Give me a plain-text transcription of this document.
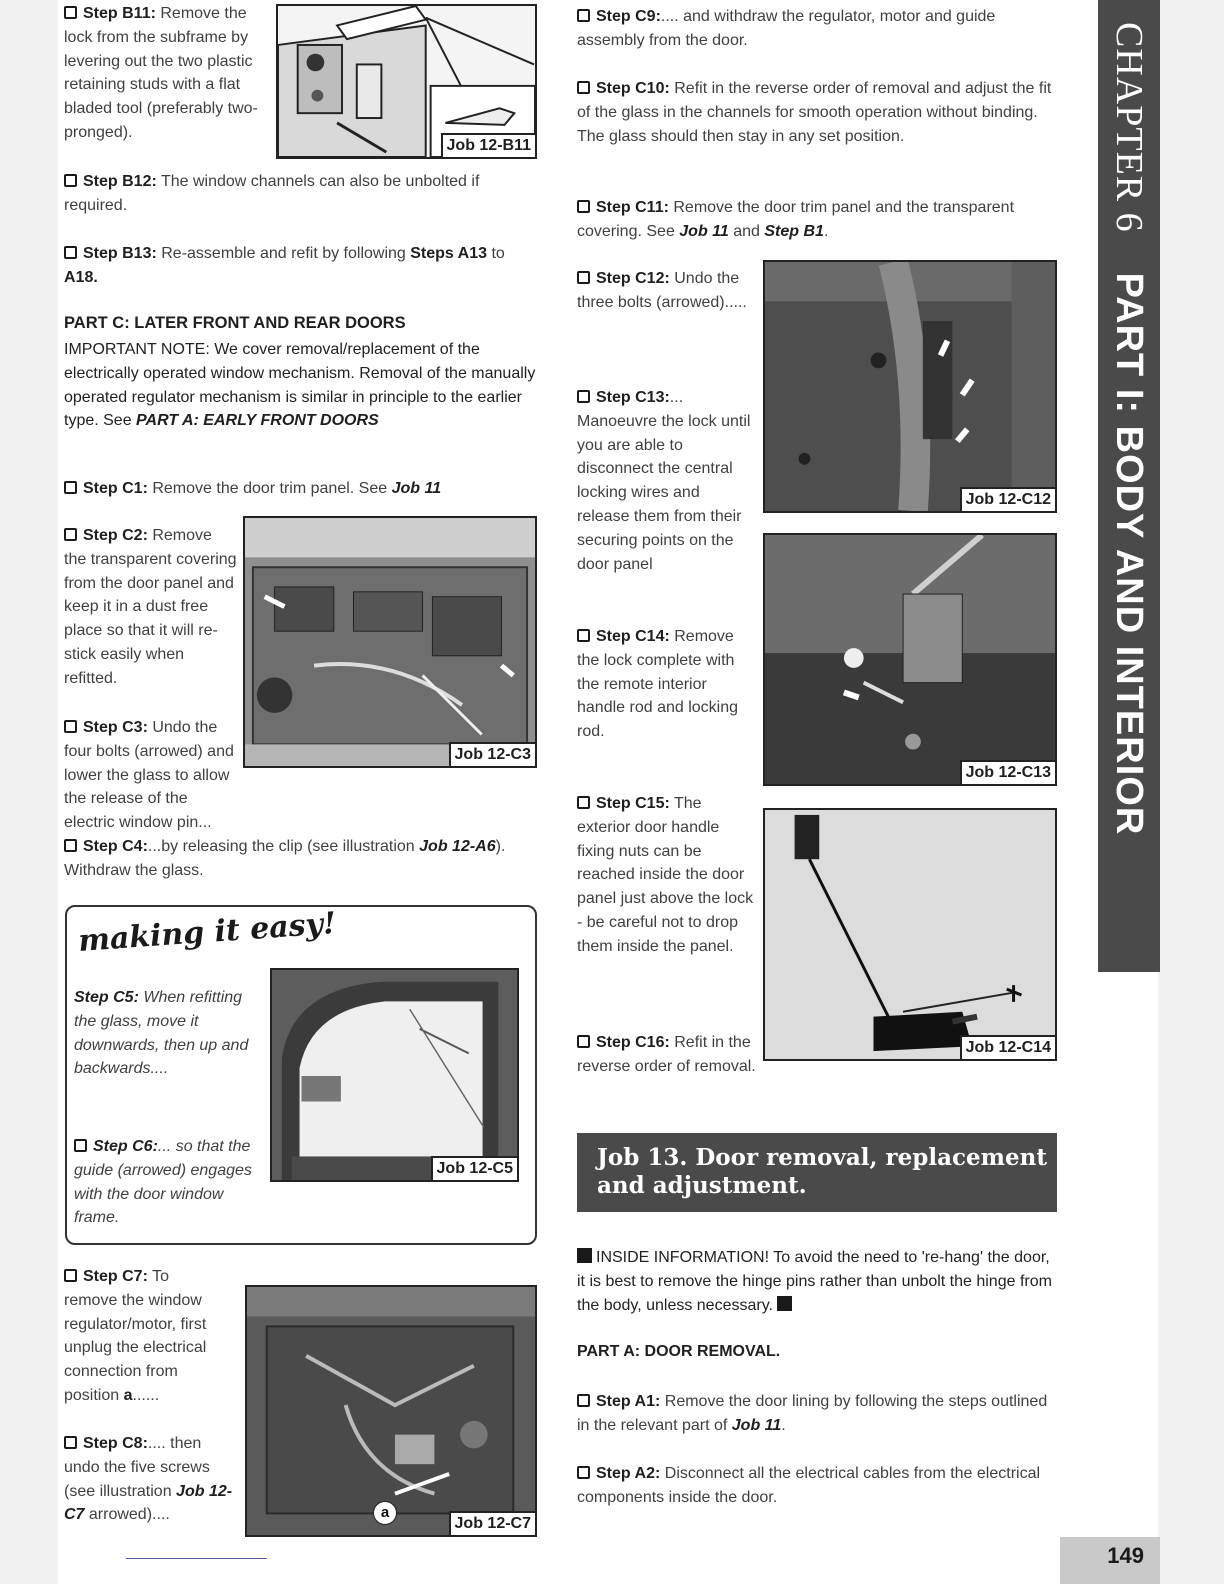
CHAPTER 6
PART I: BODY AND INTERIOR
Step B11: Remove the lock from the subframe by levering out the two plastic retaining studs with a flat bladed tool (preferably two-pronged).
Job 12-B11
Step B12: The window channels can also be unbolted if required.
Step B13: Re-assemble and refit by following Steps A13 to A18.
PART C: LATER FRONT AND REAR DOORS
IMPORTANT NOTE: We cover removal/replacement of the electrically operated window mechanism. Removal of the manually operated regulator mechanism is similar in principle to the earlier type. See PART A: EARLY FRONT DOORS
Step C1: Remove the door trim panel. See Job 11
Step C2: Remove the transparent covering from the door panel and keep it in a dust free place so that it will re-stick easily when refitted.
Job 12-C3
Step C3: Undo the four bolts (arrowed) and lower the glass to allow the release of the electric window pin...
Step C4:...by releasing the clip (see illustration Job 12-A6). Withdraw the glass.
making it easy!
Step C5: When refitting the glass, move it downwards, then up and backwards....
Step C6:... so that the guide (arrowed) engages with the door window frame.
Job 12-C5
Step C7: To remove the window regulator/motor, first unplug the electrical connection from position a......
Step C8:.... then undo the five screws (see illustration Job 12-C7 arrowed)....	a
Job 12-C7
Step C9:.... and withdraw the regulator, motor and guide assembly from the door.
Step C10: Refit in the reverse order of removal and adjust the fit of the glass in the channels for smooth operation without binding. The glass should then stay in any set position.
Step C11: Remove the door trim panel and the transparent covering. See Job 11 and Step B1.
Step C12: Undo the three bolts (arrowed).....
Job 12-C12
Step C13:... Manoeuvre the lock until you are able to disconnect the central locking wires and release them from their securing points on the door panel
Job 12-C13
Step C14: Remove the lock complete with the remote interior handle rod and locking rod.
Step C15: The exterior door handle fixing nuts can be reached inside the door panel just above the lock - be careful not to drop them inside the panel.
Job 12-C14
Step C16: Refit in the reverse order of removal.
Job 13. Door removal, replacement and adjustment.
INSIDE INFORMATION! To avoid the need to 're-hang' the door, it is best to remove the hinge pins rather than unbolt the hinge from the body, unless necessary.
PART A: DOOR REMOVAL.
Step A1: Remove the door lining by following the steps outlined in the relevant part of Job 11.
Step A2: Disconnect all the electrical cables from the electrical components inside the door.
149
